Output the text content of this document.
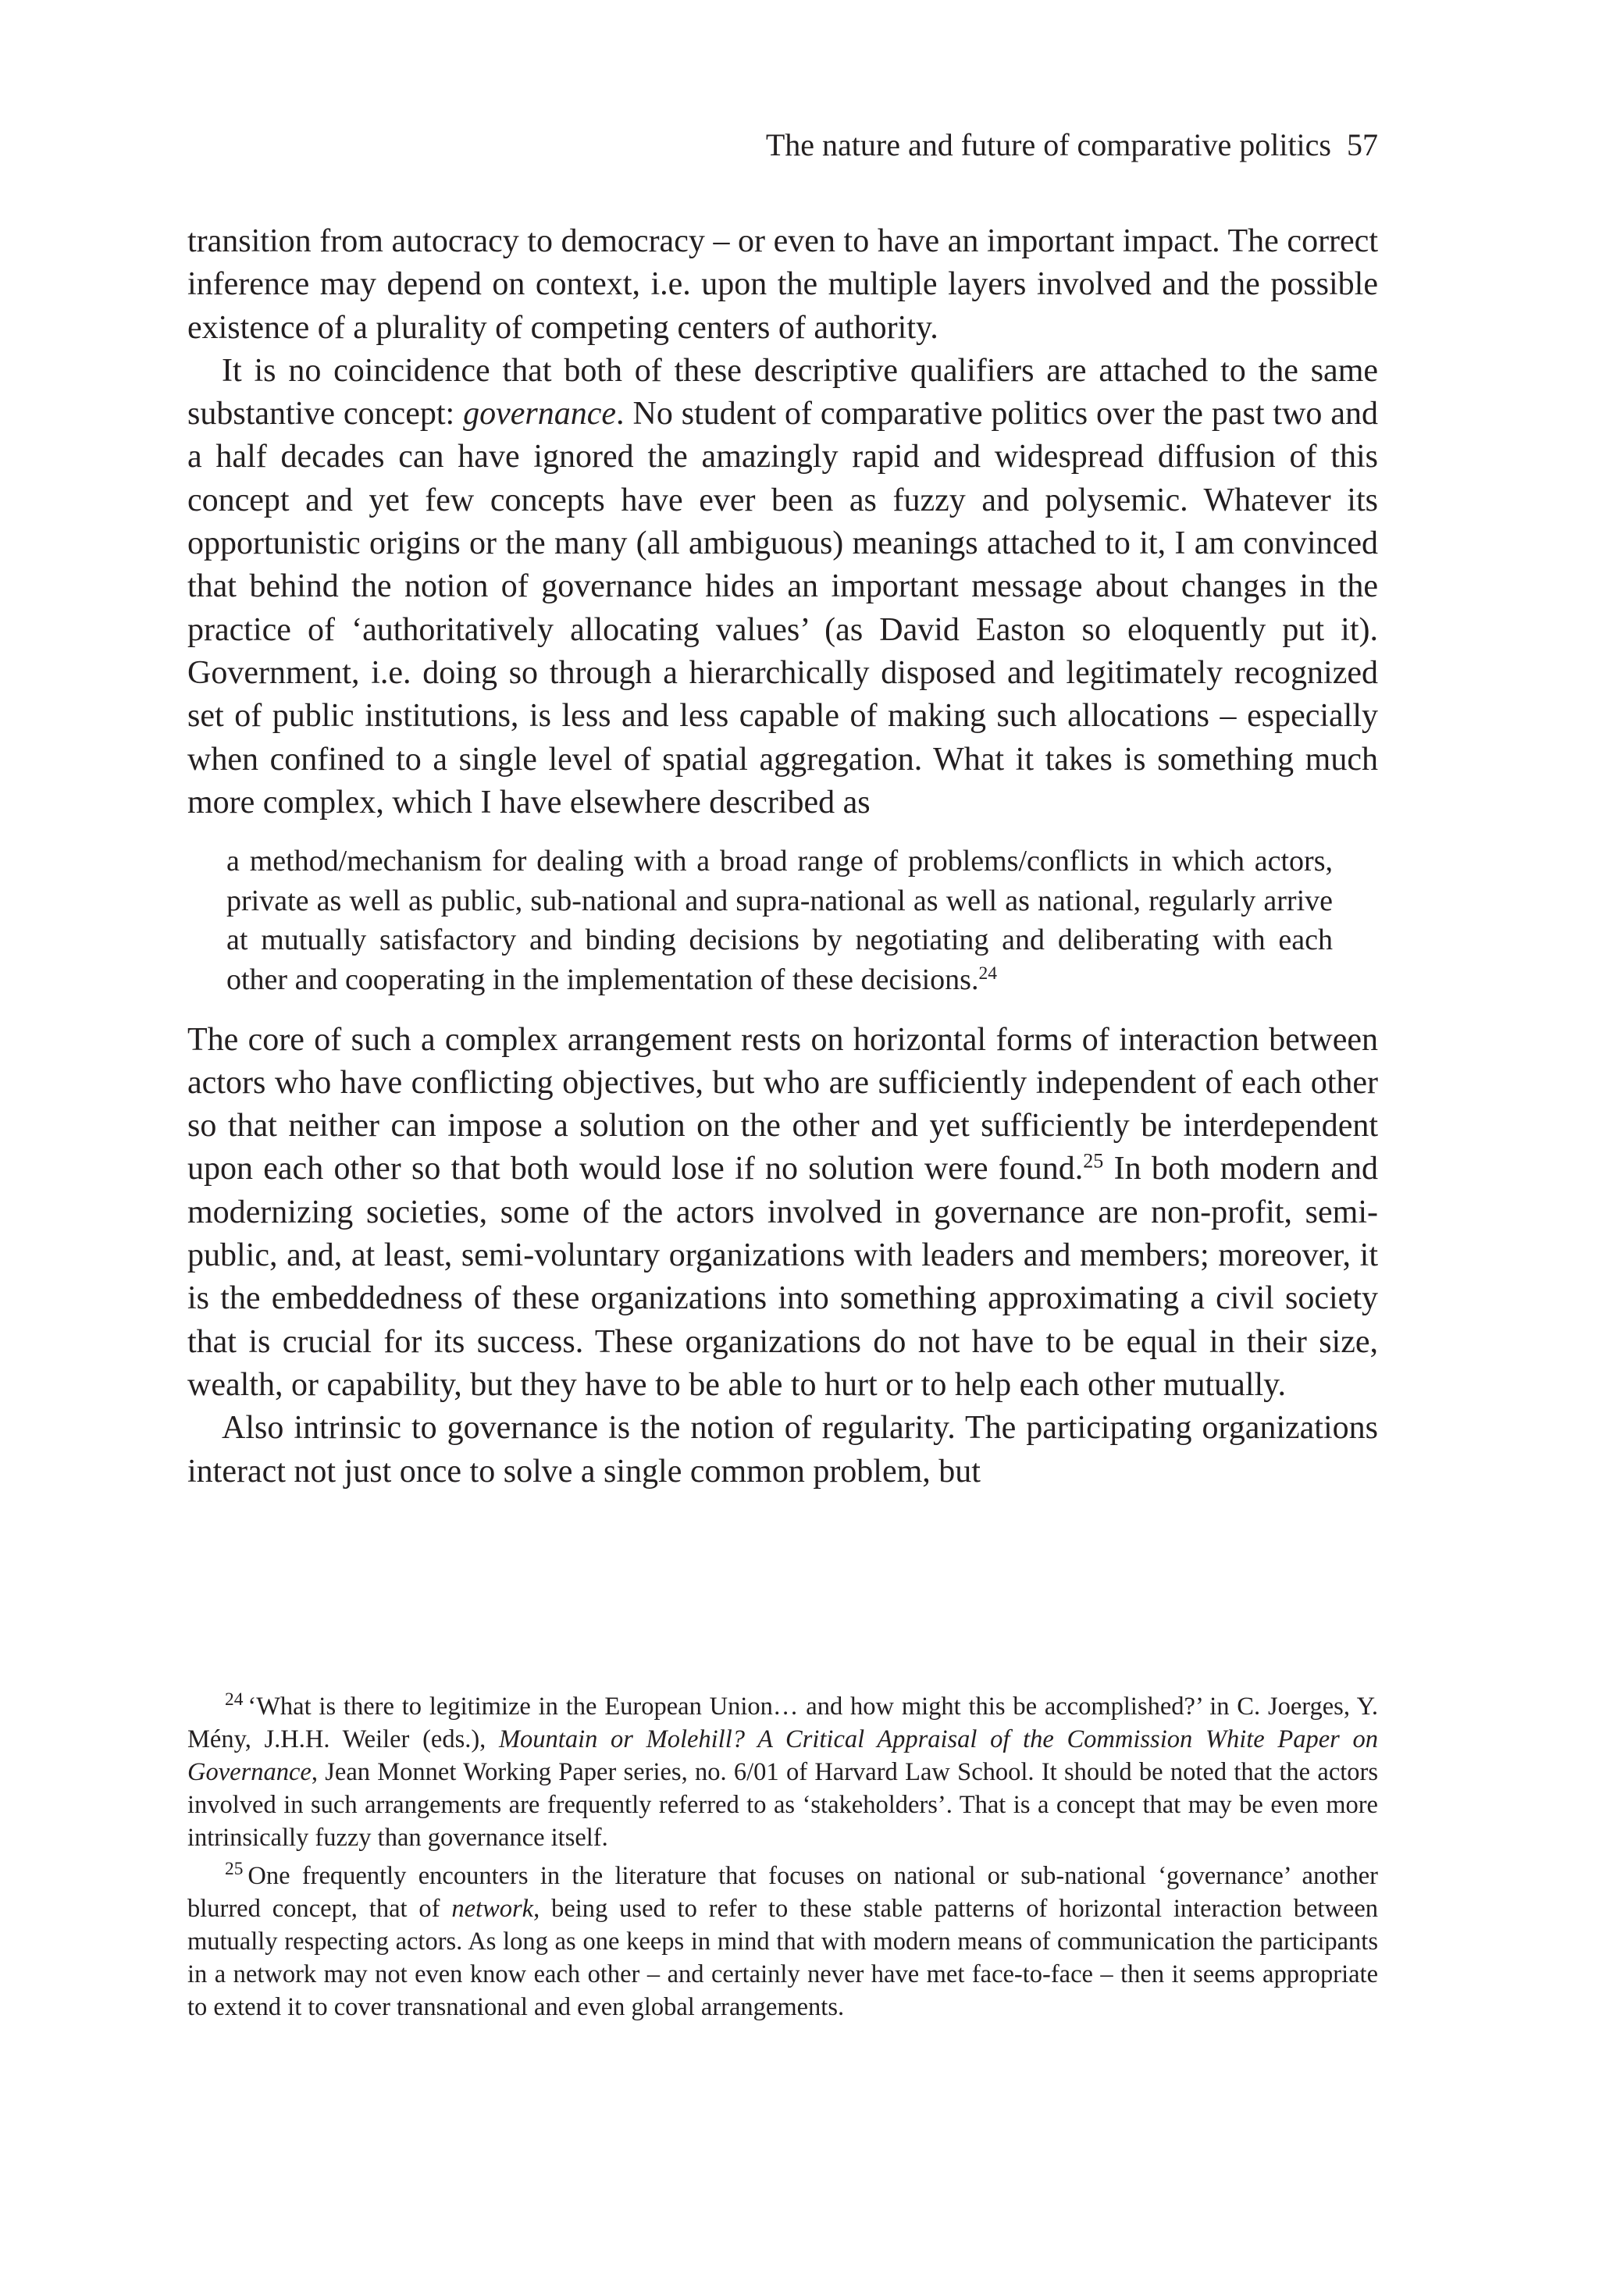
The nature and future of comparative politics 57

transition from autocracy to democracy – or even to have an important impact. The correct inference may depend on context, i.e. upon the multiple layers involved and the possible existence of a plurality of competing centers of authority.

It is no coincidence that both of these descriptive qualifiers are attached to the same substantive concept: governance. No student of comparative politics over the past two and a half decades can have ignored the amazingly rapid and widespread diffusion of this concept and yet few concepts have ever been as fuzzy and polysemic. Whatever its opportunistic origins or the many (all ambiguous) meanings attached to it, I am convinced that behind the notion of governance hides an important message about changes in the practice of ‘authoritatively allocating values’ (as David Easton so eloquently put it). Government, i.e. doing so through a hierarchically disposed and legitimately recognized set of public institutions, is less and less capable of making such allocations – especially when confined to a single level of spatial aggregation. What it takes is something much more complex, which I have elsewhere described as

a method/mechanism for dealing with a broad range of problems/conflicts in which actors, private as well as public, sub-national and supra-national as well as national, regularly arrive at mutually satisfactory and binding decisions by negotiating and deliberating with each other and cooperating in the implementation of these decisions.$^{24}$

The core of such a complex arrangement rests on horizontal forms of interaction between actors who have conflicting objectives, but who are sufficiently independent of each other so that neither can impose a solution on the other and yet sufficiently be interdependent upon each other so that both would lose if no solution were found.$^{25}$ In both modern and modernizing societies, some of the actors involved in governance are non-profit, semi-public, and, at least, semi-voluntary organizations with leaders and members; moreover, it is the embeddedness of these organizations into something approximating a civil society that is crucial for its success. These organizations do not have to be equal in their size, wealth, or capability, but they have to be able to hurt or to help each other mutually.

Also intrinsic to governance is the notion of regularity. The participating organizations interact not just once to solve a single common problem, but

$^{24}$ ‘What is there to legitimize in the European Union… and how might this be accomplished?’ in C. Joerges, Y. Mény, J.H.H. Weiler (eds.), Mountain or Molehill? A Critical Appraisal of the Commission White Paper on Governance, Jean Monnet Working Paper series, no. 6/01 of Harvard Law School. It should be noted that the actors involved in such arrangements are frequently referred to as ‘stakeholders’. That is a concept that may be even more intrinsically fuzzy than governance itself.

$^{25}$ One frequently encounters in the literature that focuses on national or sub-national ‘governance’ another blurred concept, that of network, being used to refer to these stable patterns of horizontal interaction between mutually respecting actors. As long as one keeps in mind that with modern means of communication the participants in a network may not even know each other – and certainly never have met face-to-face – then it seems appropriate to extend it to cover transnational and even global arrangements.
